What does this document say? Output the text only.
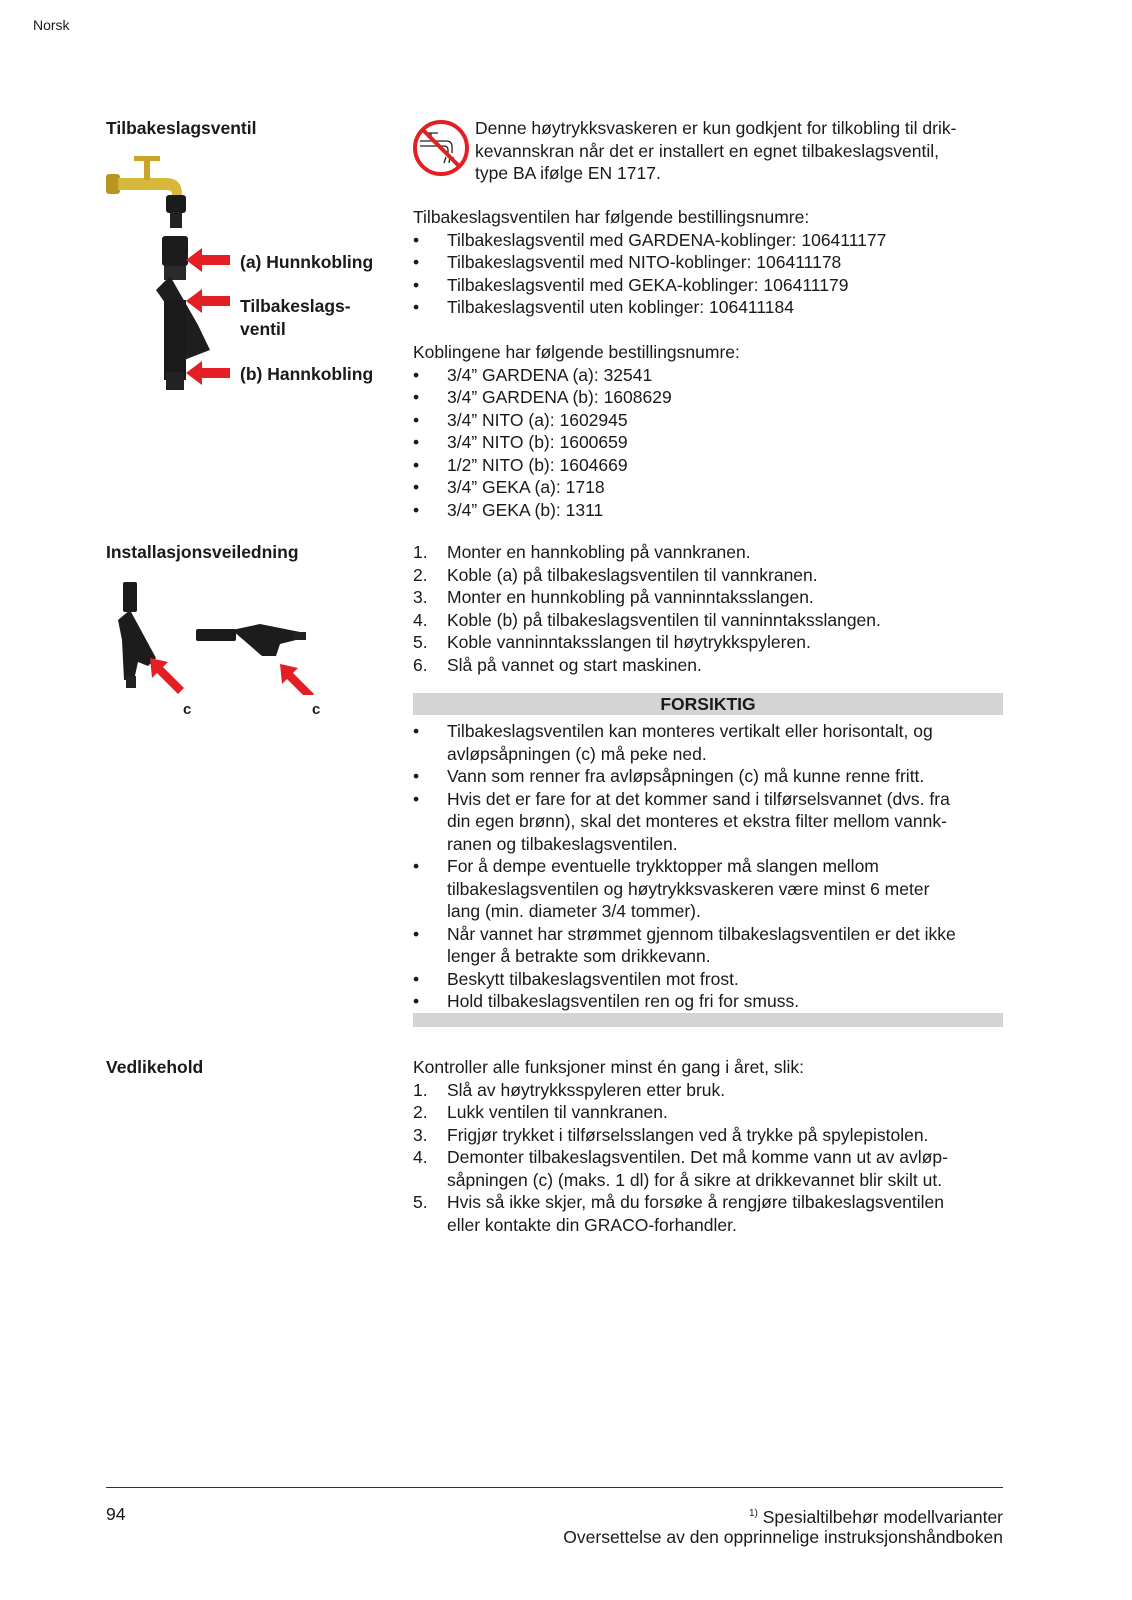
Norsk
Tilbakeslagsventil
(a) Hunnkobling
Tilbakeslags-
ventil
(b) Hannkobling
Denne høytrykksvaskeren er kun godkjent for tilkobling til drik-
kevannskran når det er installert en egnet tilbakeslagsventil,
type BA ifølge EN 1717.
Tilbakeslagsventilen har følgende bestillingsnumre:
• Tilbakeslagsventil med GARDENA-koblinger: 106411177
• Tilbakeslagsventil med NITO-koblinger: 106411178
• Tilbakeslagsventil med GEKA-koblinger: 106411179
• Tilbakeslagsventil uten koblinger: 106411184
Koblingene har følgende bestillingsnumre:
• 3/4” GARDENA (a): 32541
• 3/4” GARDENA (b): 1608629
• 3/4” NITO (a): 1602945
• 3/4” NITO (b): 1600659
• 1/2” NITO (b): 1604669
• 3/4” GEKA (a): 1718
• 3/4” GEKA (b): 1311
Installasjonsveiledning
c	c
1. Monter en hannkobling på vannkranen.
2. Koble (a) på tilbakeslagsventilen til vannkranen.
3. Monter en hunnkobling på vanninntaksslangen.
4. Koble (b) på tilbakeslagsventilen til vanninntaksslangen.
5. Koble vanninntaksslangen til høytrykkspyleren.
6. Slå på vannet og start maskinen.
FORSIKTIG
• Tilbakeslagsventilen kan monteres vertikalt eller horisontalt, og
avløpsåpningen (c) må peke ned.
• Vann som renner fra avløpsåpningen (c) må kunne renne fritt.
• Hvis det er fare for at det kommer sand i tilførselsvannet (dvs. fra
din egen brønn), skal det monteres et ekstra filter mellom vannk-
ranen og tilbakeslagsventilen.
• For å dempe eventuelle trykktopper må slangen mellom
tilbakeslagsventilen og høytrykksvaskeren være minst 6 meter
lang (min. diameter 3/4 tommer).
• Når vannet har strømmet gjennom tilbakeslagsventilen er det ikke
lenger å betrakte som drikkevann.
• Beskytt tilbakeslagsventilen mot frost.
• Hold tilbakeslagsventilen ren og fri for smuss.
Vedlikehold	Kontroller alle funksjoner minst én gang i året, slik:
1. Slå av høytrykksspyleren etter bruk.
2. Lukk ventilen til vannkranen.
3. Frigjør trykket i tilførselsslangen ved å trykke på spylepistolen.
4. Demonter tilbakeslagsventilen. Det må komme vann ut av avløp-
såpningen (c) (maks. 1 dl) for å sikre at drikkevannet blir skilt ut.
5. Hvis så ikke skjer, må du forsøke å rengjøre tilbakeslagsventilen
eller kontakte din GRACO-forhandler.
94	$^{1)}$ Spesialtilbehør modellvarianter
Oversettelse av den opprinnelige instruksjonshåndboken
